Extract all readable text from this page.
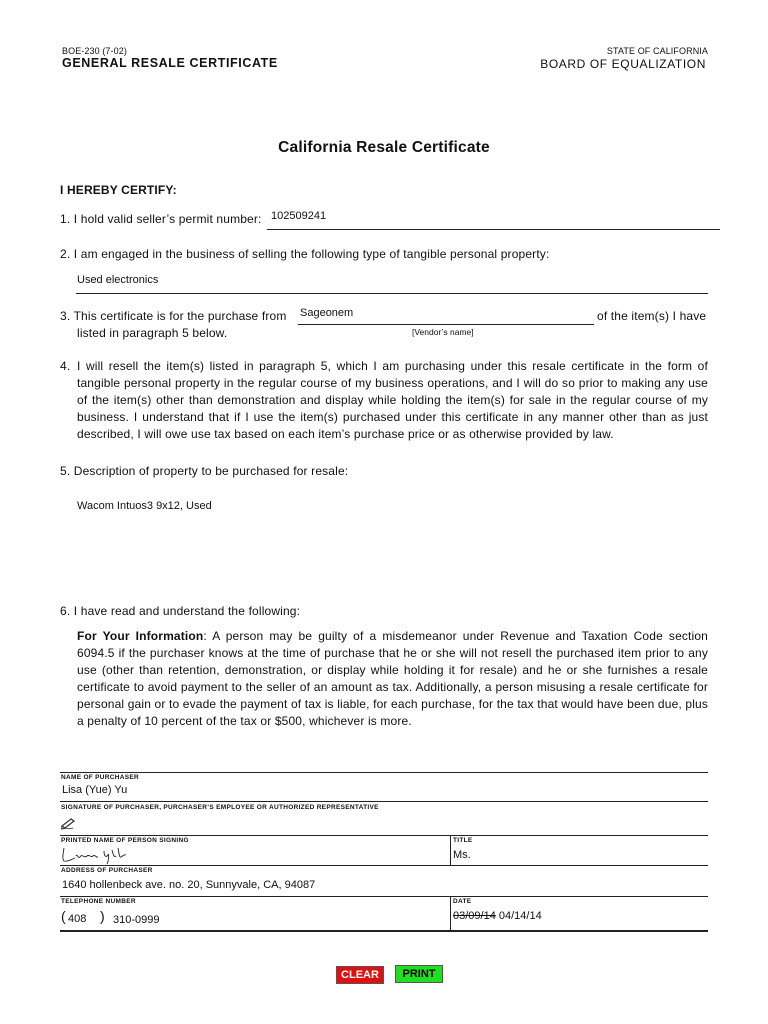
BOE-230 (7-02)
GENERAL RESALE CERTIFICATE
STATE OF CALIFORNIA
BOARD OF EQUALIZATION
California Resale Certificate
I HEREBY CERTIFY:
1. I hold valid seller’s permit number: 102509241
2. I am engaged in the business of selling the following type of tangible personal property:
Used electronics
3. This certificate is for the purchase from Sageonem	of the item(s) I have
listed in paragraph 5 below.	[Vendor’s name]
4. I will resell the item(s) listed in paragraph 5, which I am purchasing under this resale certificate in the form of tangible personal property in the regular course of my business operations, and I will do so prior to making any use of the item(s) other than demonstration and display while holding the item(s) for sale in the regular course of my business. I understand that if I use the item(s) purchased under this certificate in any manner other than as just described, I will owe use tax based on each item’s purchase price or as otherwise provided by law.
5. Description of property to be purchased for resale:
Wacom Intuos3 9x12, Used
6. I have read and understand the following:
For Your Information: A person may be guilty of a misdemeanor under Revenue and Taxation Code section 6094.5 if the purchaser knows at the time of purchase that he or she will not resell the purchased item prior to any use (other than retention, demonstration, or display while holding it for resale) and he or she furnishes a resale certificate to avoid payment to the seller of an amount as tax. Additionally, a person misusing a resale certificate for personal gain or to evade the payment of tax is liable, for each purchase, for the tax that would have been due, plus a penalty of 10 percent of the tax or $500, whichever is more.
NAME OF PURCHASER
Lisa (Yue) Yu
SIGNATURE OF PURCHASER, PURCHASER’S EMPLOYEE OR AUTHORIZED REPRESENTATIVE
PRINTED NAME OF PERSON SIGNING	TITLE
Ms.
ADDRESS OF PURCHASER
1640 hollenbeck ave. no. 20, Sunnyvale, CA, 94087
TELEPHONE NUMBER
( 408 ) 310-0999
DATE
03/09/14 04/14/14
CLEAR	PRINT
